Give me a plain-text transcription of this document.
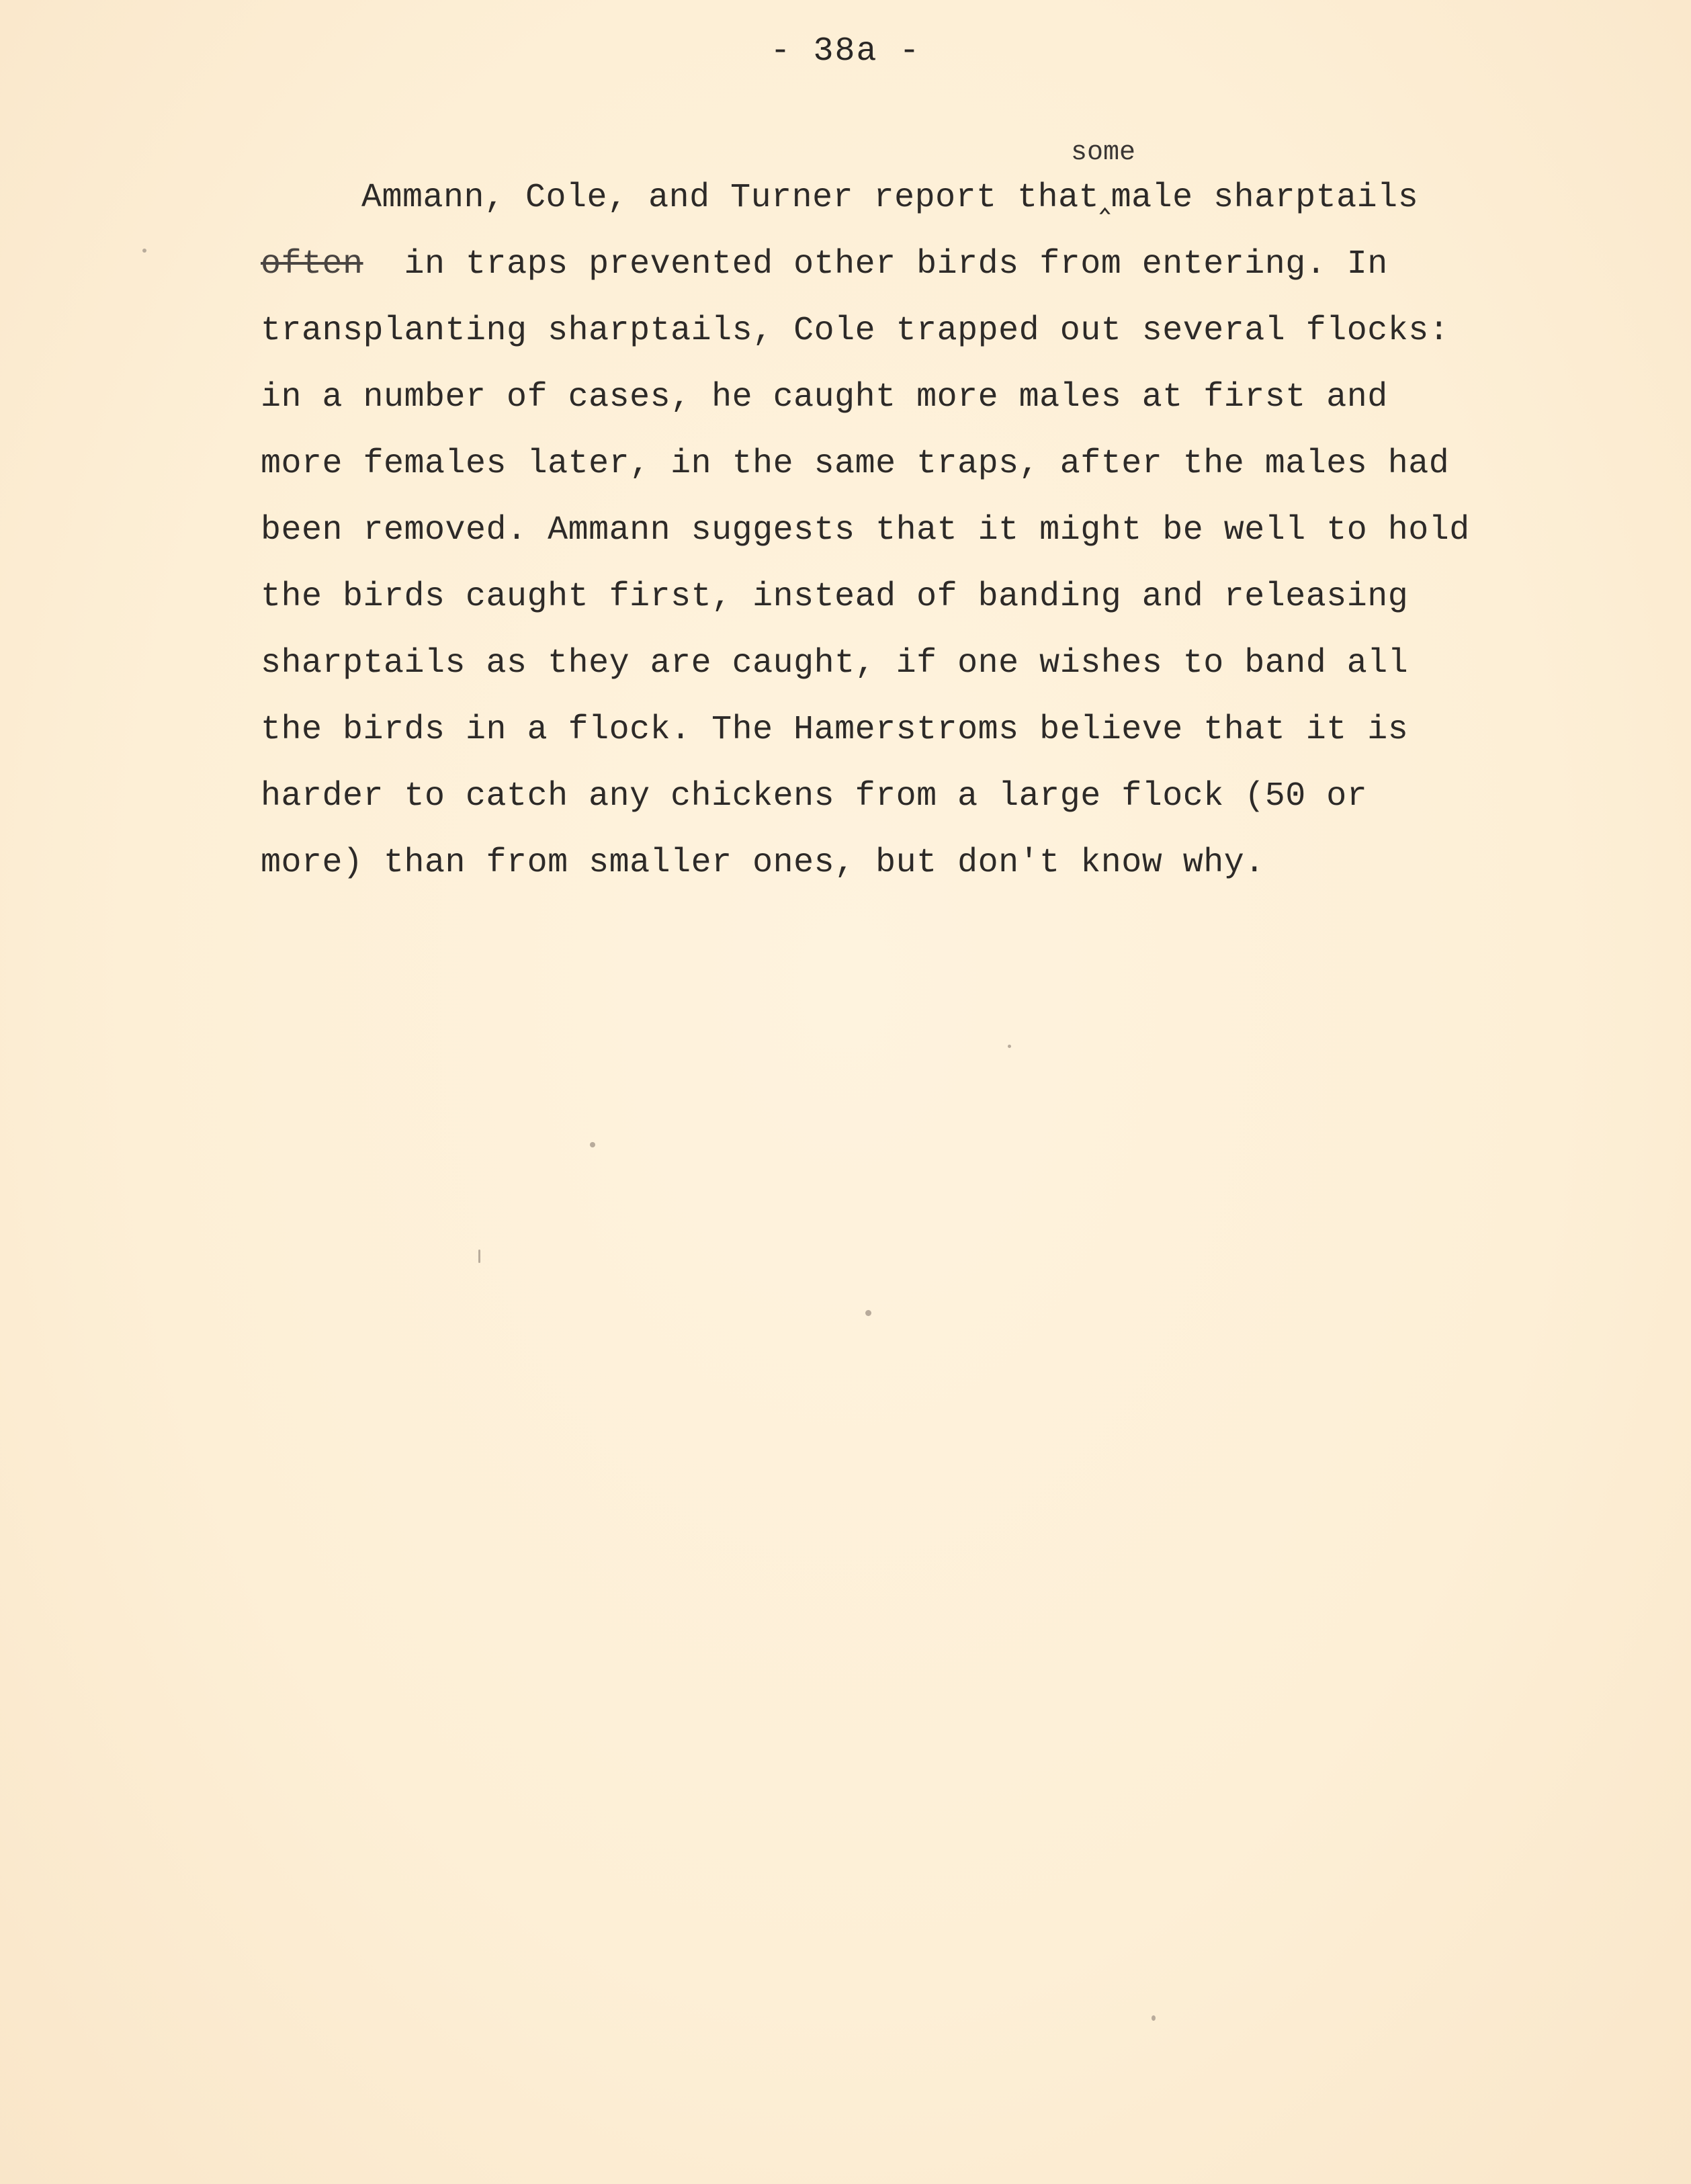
- 38a -
some
Ammann, Cole, and Turner report that‸male sharptails
often  in traps prevented other birds from entering. In
transplanting sharptails, Cole trapped out several flocks:
in a number of cases, he caught more males at first and
more females later, in the same traps, after the males had
been removed. Ammann suggests that it might be well to hold
the birds caught first, instead of banding and releasing
sharptails as they are caught, if one wishes to band all
the birds in a flock. The Hamerstroms believe that it is
harder to catch any chickens from a large flock (50 or
more) than from smaller ones, but don't know why.
